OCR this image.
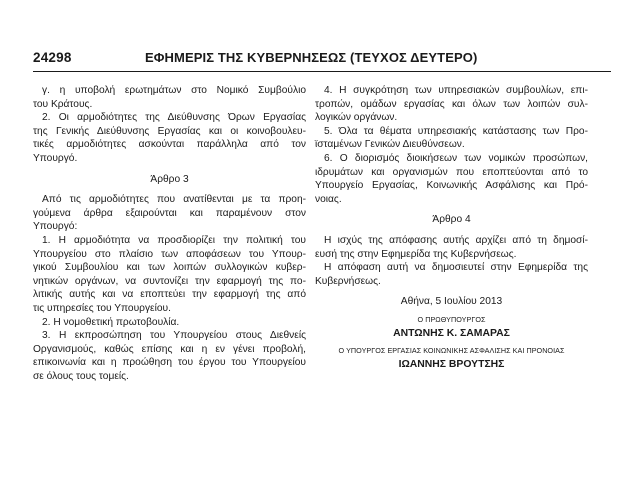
24298	ΕΦΗΜΕΡΙΣ ΤΗΣ ΚΥΒΕΡΝΗΣΕΩΣ (ΤΕΥΧΟΣ ΔΕΥΤΕΡΟ)
γ. η υποβολή ερωτημάτων στο Νομικό Συμβούλιο
του Κράτους.
2. Οι αρμοδιότητες της Διεύθυνσης Όρων Εργασίας
της Γενικής Διεύθυνσης Εργασίας και οι κοινοβουλευ-
τικές αρμοδιότητες ασκούνται παράλληλα από τον
Υπουργό.
Άρθρο 3
Από τις αρμοδιότητες που ανατίθενται με τα προη-
γούμενα άρθρα εξαιρούνται και παραμένουν στον
Υπουργό:
1. Η αρμοδιότητα να προσδιορίζει την πολιτική του
Υπουργείου στο πλαίσιο των αποφάσεων του Υπουρ-
γικού Συμβουλίου και των λοιπών συλλογικών κυβερ-
νητικών οργάνων, να συντονίζει την εφαρμογή της πο-
λιτικής αυτής και να εποπτεύει την εφαρμογή της από
τις υπηρεσίες του Υπουργείου.
2. Η νομοθετική πρωτοβουλία.
3. Η εκπροσώπηση του Υπουργείου στους Διεθνείς
Οργανισμούς, καθώς επίσης και η εν γένει προβολή,
επικοινωνία και η προώθηση του έργου του Υπουργείου
σε όλους τους τομείς.
4. Η συγκρότηση των υπηρεσιακών συμβουλίων, επι-
τροπών, ομάδων εργασίας και όλων των λοιπών συλ-
λογικών οργάνων.
5. Όλα τα θέματα υπηρεσιακής κατάστασης των Προ-
ϊσταμένων Γενικών Διευθύνσεων.
6. Ο διορισμός διοικήσεων των νομικών προσώπων,
ιδρυμάτων και οργανισμών που εποπτεύονται από το
Υπουργείο Εργασίας, Κοινωνικής Ασφάλισης και Πρό-
νοιας.
Άρθρο 4
Η ισχύς της απόφασης αυτής αρχίζει από τη δημοσί-
ευσή της στην Εφημερίδα της Κυβερνήσεως.
Η απόφαση αυτή να δημοσιευτεί στην Εφημερίδα της
Κυβερνήσεως.
Αθήνα, 5 Ιουλίου 2013
Ο ΠΡΩΘΥΠΟΥΡΓΟΣ
ΑΝΤΩΝΗΣ Κ. ΣΑΜΑΡΑΣ
Ο ΥΠΟΥΡΓΟΣ ΕΡΓΑΣΙΑΣ ΚΟΙΝΩΝΙΚΗΣ ΑΣΦΑΛΙΣΗΣ ΚΑΙ ΠΡΟΝΟΙΑΣ
ΙΩΑΝΝΗΣ ΒΡΟΥΤΣΗΣ
